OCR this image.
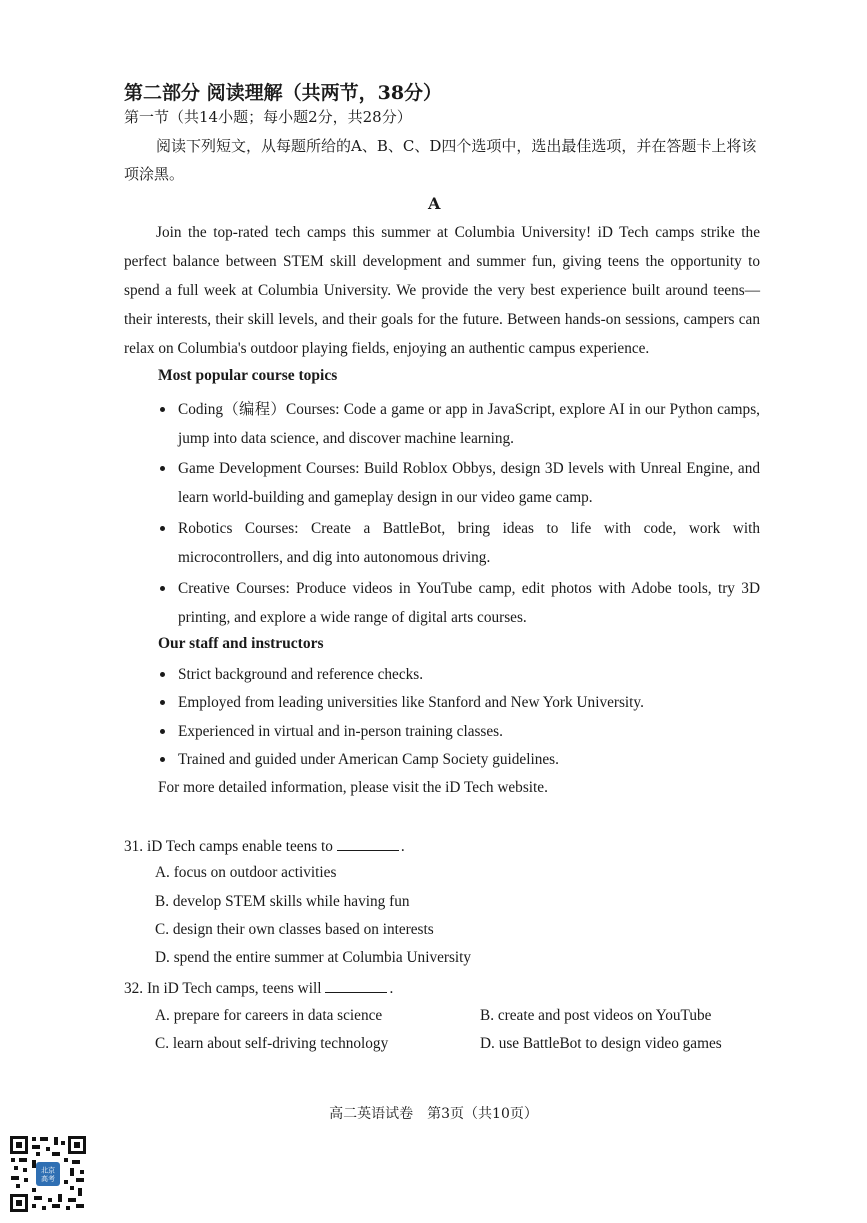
第二部分 阅读理解（共两节，38分）
第一节（共14小题；每小题2分，共28分）
阅读下列短文，从每题所给的A、B、C、D四个选项中，选出最佳选项，并在答题卡上将该项涂黑。
A
Join the top-rated tech camps this summer at Columbia University! iD Tech camps strike the perfect balance between STEM skill development and summer fun, giving teens the opportunity to spend a full week at Columbia University. We provide the very best experience built around teens—their interests, their skill levels, and their goals for the future. Between hands-on sessions, campers can relax on Columbia's outdoor playing fields, enjoying an authentic campus experience.
Most popular course topics
Coding（编程）Courses: Code a game or app in JavaScript, explore AI in our Python camps, jump into data science, and discover machine learning.
Game Development Courses: Build Roblox Obbys, design 3D levels with Unreal Engine, and learn world-building and gameplay design in our video game camp.
Robotics Courses: Create a BattleBot, bring ideas to life with code, work with microcontrollers, and dig into autonomous driving.
Creative Courses: Produce videos in YouTube camp, edit photos with Adobe tools, try 3D printing, and explore a wide range of digital arts courses.
Our staff and instructors
Strict background and reference checks.
Employed from leading universities like Stanford and New York University.
Experienced in virtual and in-person training classes.
Trained and guided under American Camp Society guidelines.
For more detailed information, please visit the iD Tech website.
31. iD Tech camps enable teens to	.
A. focus on outdoor activities
B. develop STEM skills while having fun
C. design their own classes based on interests
D. spend the entire summer at Columbia University
32. In iD Tech camps, teens will	.
A. prepare for careers in data science	B. create and post videos on YouTube
C. learn about self-driving technology	D. use BattleBot to design video games
高二英语试卷　第3页（共10页）
北京
高考
